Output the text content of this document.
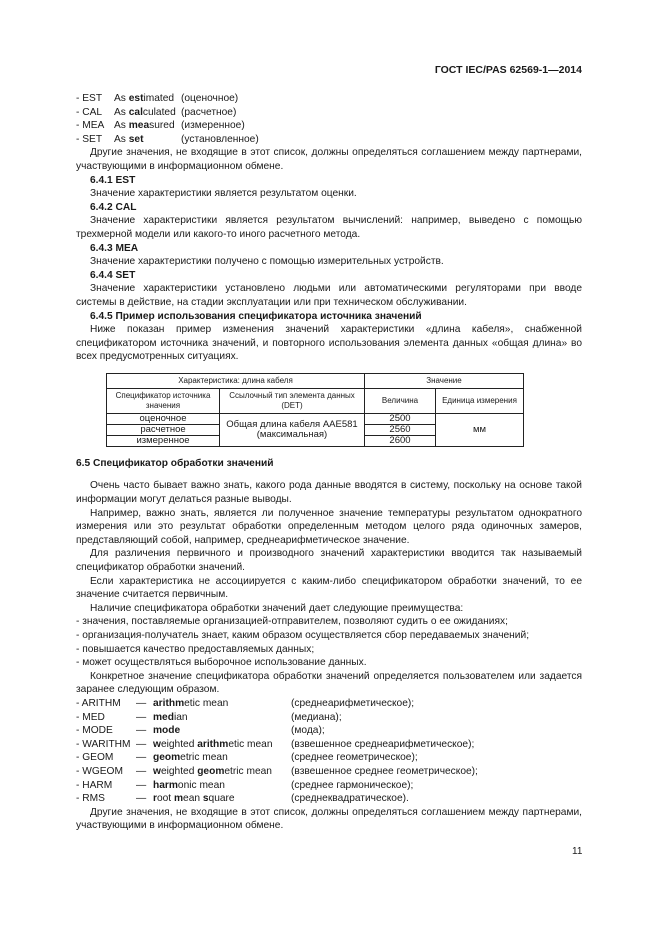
ГОСТ IEC/PAS 62569-1—2014
- EST As estimated (оценочное)
- CAL As calculated (расчетное)
- MEA As measured (измеренное)
- SET As set	(установленное)

Другие значения, не входящие в этот список, должны определяться соглашением между партнерами, участвующими в информационном обмене.

6.4.1 EST

Значение характеристики является результатом оценки.

6.4.2 CAL

Значение характеристики является результатом вычислений: например, выведено с помощью трехмерной модели или какого-то иного расчетного метода.

6.4.3 MEA

Значение характеристики получено с помощью измерительных устройств.

6.4.4 SET

Значение характеристики установлено людьми или автоматическими регуляторами при вводе системы в действие, на стадии эксплуатации или при техническом обслуживании.

6.4.5 Пример использования спецификатора источника значений

Ниже показан пример изменения значений характеристики «длина кабеля», снабженной спецификатором источника значений, и повторного использования элемента данных «общая длина» во всех предусмотренных ситуациях.

Характеристика: длина кабеля		Значение	
Спецификатор источника значения	Ссылочный тип элемента данных (DET)	Величина	Единица измерения
оценочное	Общая длина кабеля AAE581 (максимальная)	2500	мм
расчетное		2560	
измеренное		2600	
6.5 Спецификатор обработки значений

Очень часто бывает важно знать, какого рода данные вводятся в систему, поскольку на основе такой информации могут делаться разные выводы.

Например, важно знать, является ли полученное значение температуры результатом однократного измерения или это результат обработки определенным методом целого ряда одиночных замеров, представляющий собой, например, среднеарифметическое значение.

Для различения первичного и производного значений характеристики вводится так называемый спецификатор обработки значений.

Если характеристика не ассоциируется с каким-либо спецификатором обработки значений, то ее значение считается первичным.

Наличие спецификатора обработки значений дает следующие преимущества:

- значения, поставляемые организацией-отправителем, позволяют судить о ее ожиданиях;
- организация-получатель знает, каким образом осуществляется сбор передаваемых значений;
- повышается качество предоставляемых данных;
- может осуществляться выборочное использование данных.

Конкретное значение спецификатора обработки значений определяется пользователем или задается заранее следующим образом.

- ARITHM — arithmetic mean	(среднеарифметическое);
- MED	— median	(медиана);
- MODE — mode	(мода);
- WARITHM — weighted arithmetic mean (взвешенное среднеарифметическое);
- GEOM — geometric mean	(среднее геометрическое);
- WGEOM — weighted geometric mean (взвешенное среднее геометрическое);
- HARM — harmonic mean	(среднее гармоническое);
- RMS	— root mean square	(среднеквадратическое).

Другие значения, не входящие в этот список, должны определяться соглашением между партнерами, участвующими в информационном обмене.

11
